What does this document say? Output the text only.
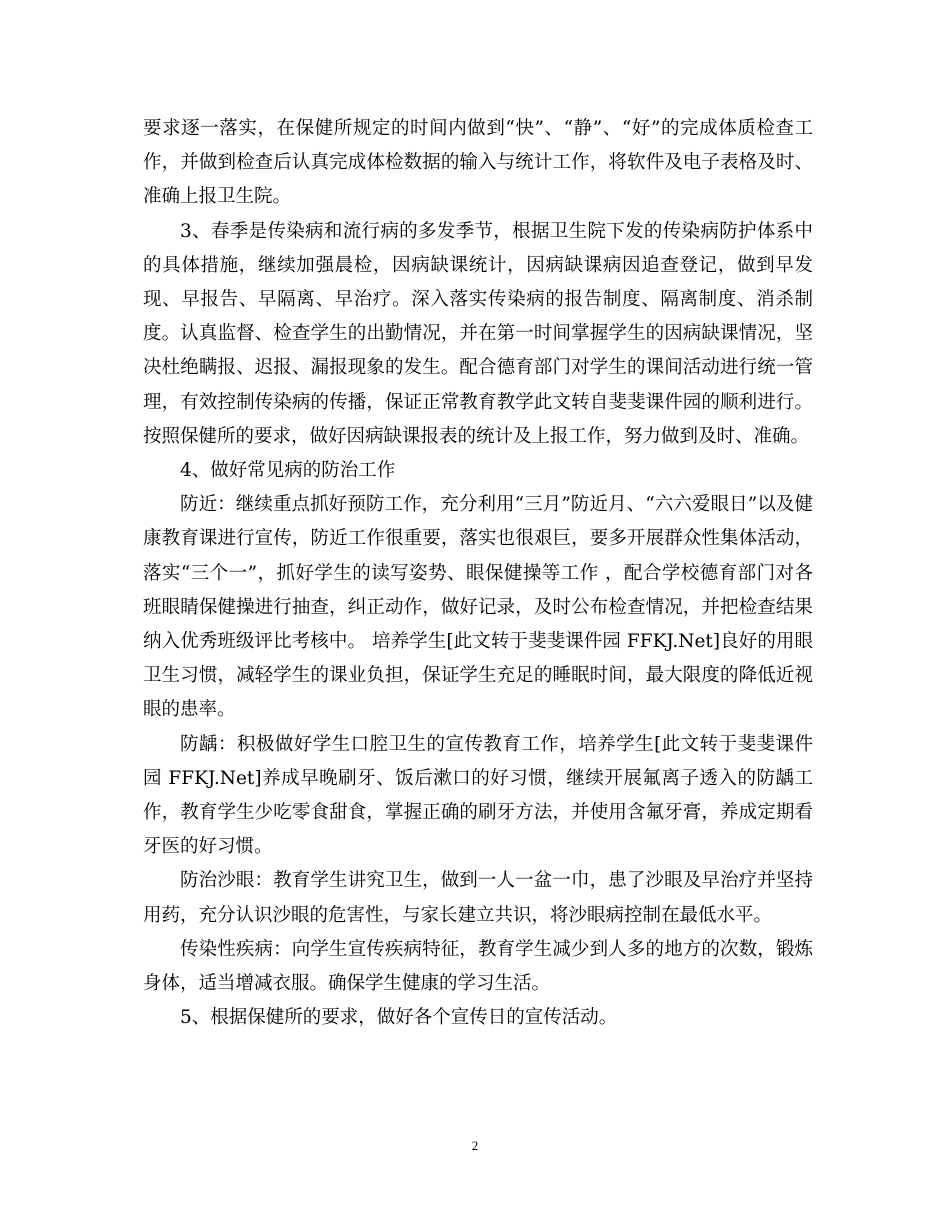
要求逐一落实，在保健所规定的时间内做到“快”、“静”、“好”的完成体质检查工作，并做到检查后认真完成体检数据的输入与统计工作，将软件及电子表格及时、准确上报卫生院。

3、春季是传染病和流行病的多发季节，根据卫生院下发的传染病防护体系中的具体措施，继续加强晨检，因病缺课统计，因病缺课病因追查登记，做到早发现、早报告、早隔离、早治疗。深入落实传染病的报告制度、隔离制度、消杀制度。认真监督、检查学生的出勤情况，并在第一时间掌握学生的因病缺课情况，坚决杜绝瞒报、迟报、漏报现象的发生。配合德育部门对学生的课间活动进行统一管理，有效控制传染病的传播，保证正常教育教学此文转自斐斐课件园的顺利进行。按照保健所的要求，做好因病缺课报表的统计及上报工作，努力做到及时、准确。

4、做好常见病的防治工作

防近：继续重点抓好预防工作，充分利用“三月”防近月、“六六爱眼日”以及健康教育课进行宣传，防近工作很重要，落实也很艰巨，要多开展群众性集体活动，落实“三个一”，抓好学生的读写姿势、眼保健操等工作 ，配合学校德育部门对各班眼睛保健操进行抽查，纠正动作，做好记录，及时公布检查情况，并把检查结果纳入优秀班级评比考核中。 培养学生[此文转于斐斐课件园 FFKJ.Net]良好的用眼卫生习惯，减轻学生的课业负担，保证学生充足的睡眠时间，最大限度的降低近视眼的患率。

防龋：积极做好学生口腔卫生的宣传教育工作，培养学生[此文转于斐斐课件园 FFKJ.Net]养成早晚刷牙、饭后漱口的好习惯，继续开展氟离子透入的防龋工作，教育学生少吃零食甜食，掌握正确的刷牙方法，并使用含氟牙膏，养成定期看牙医的好习惯。

防治沙眼：教育学生讲究卫生，做到一人一盆一巾，患了沙眼及早治疗并坚持用药，充分认识沙眼的危害性，与家长建立共识，将沙眼病控制在最低水平。

传染性疾病：向学生宣传疾病特征，教育学生减少到人多的地方的次数，锻炼身体，适当增减衣服。确保学生健康的学习生活。

5、根据保健所的要求，做好各个宣传日的宣传活动。

2
